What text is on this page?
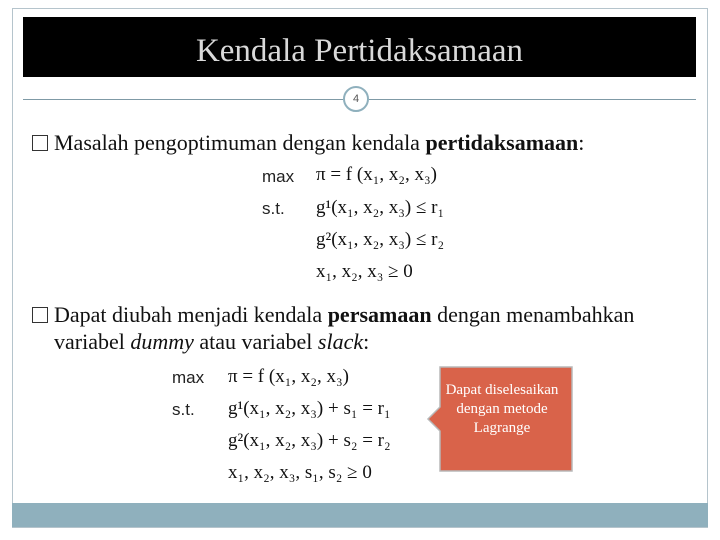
Kendala Pertidaksamaan
4
Masalah pengoptimuman dengan kendala pertidaksamaan:
max
s.t.
π = f (x₁, x₂, x₃)
g¹(x₁, x₂, x₃) ≤ r₁
g²(x₁, x₂, x₃) ≤ r₂
x₁, x₂, x₃ ≥ 0
Dapat diubah menjadi kendala persamaan dengan menambahkan
variabel dummy atau variabel slack:
max
s.t.
π = f (x₁, x₂, x₃)
g¹(x₁, x₂, x₃) + s₁ = r₁
g²(x₁, x₂, x₃) + s₂ = r₂
x₁, x₂, x₃, s₁, s₂ ≥ 0
Dapat diselesaikan dengan metode Lagrange
